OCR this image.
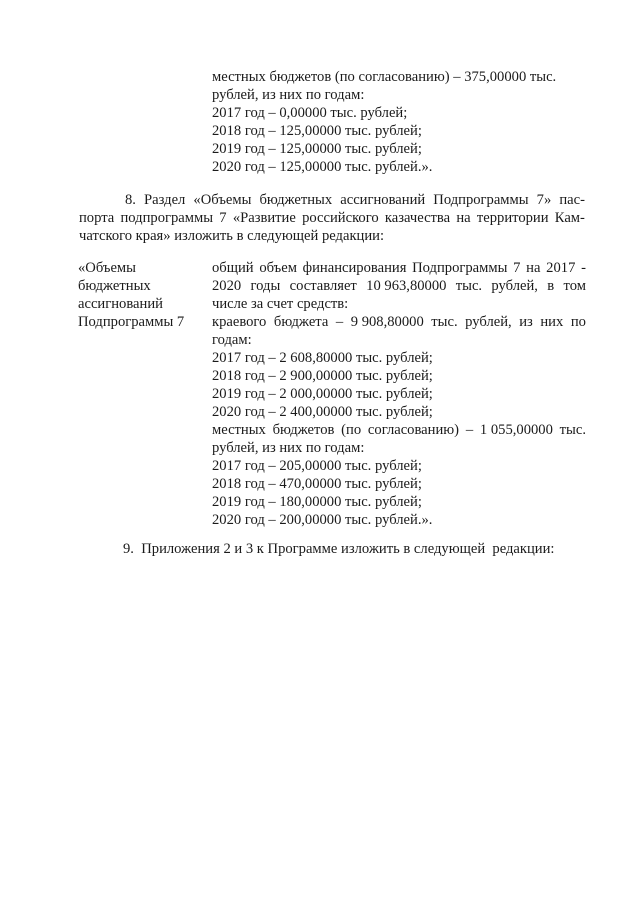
местных бюджетов (по согласованию) – 375,00000 тыс.
рублей, из них по годам:
2017 год – 0,00000 тыс. рублей;
2018 год – 125,00000 тыс. рублей;
2019 год – 125,00000 тыс. рублей;
2020 год – 125,00000 тыс. рублей.».
8. Раздел «Объемы бюджетных ассигнований Подпрограммы 7» пас-
порта подпрограммы 7 «Развитие российского казачества на территории Кам-
чатского края» изложить в следующей редакции:
«Объемы
бюджетных
ассигнований
Подпрограммы 7
общий объем финансирования Подпрограммы 7 на 2017 -
2020 годы составляет 10 963,80000 тыс. рублей, в том
числе за счет средств:
краевого бюджета – 9 908,80000 тыс. рублей, из них по
годам:
2017 год – 2 608,80000 тыс. рублей;
2018 год – 2 900,00000 тыс. рублей;
2019 год – 2 000,00000 тыс. рублей;
2020 год – 2 400,00000 тыс. рублей;
местных бюджетов (по согласованию) – 1 055,00000 тыс.
рублей, из них по годам:
2017 год – 205,00000 тыс. рублей;
2018 год – 470,00000 тыс. рублей;
2019 год – 180,00000 тыс. рублей;
2020 год – 200,00000 тыс. рублей.».
9.  Приложения 2 и 3 к Программе изложить в следующей  редакции:
